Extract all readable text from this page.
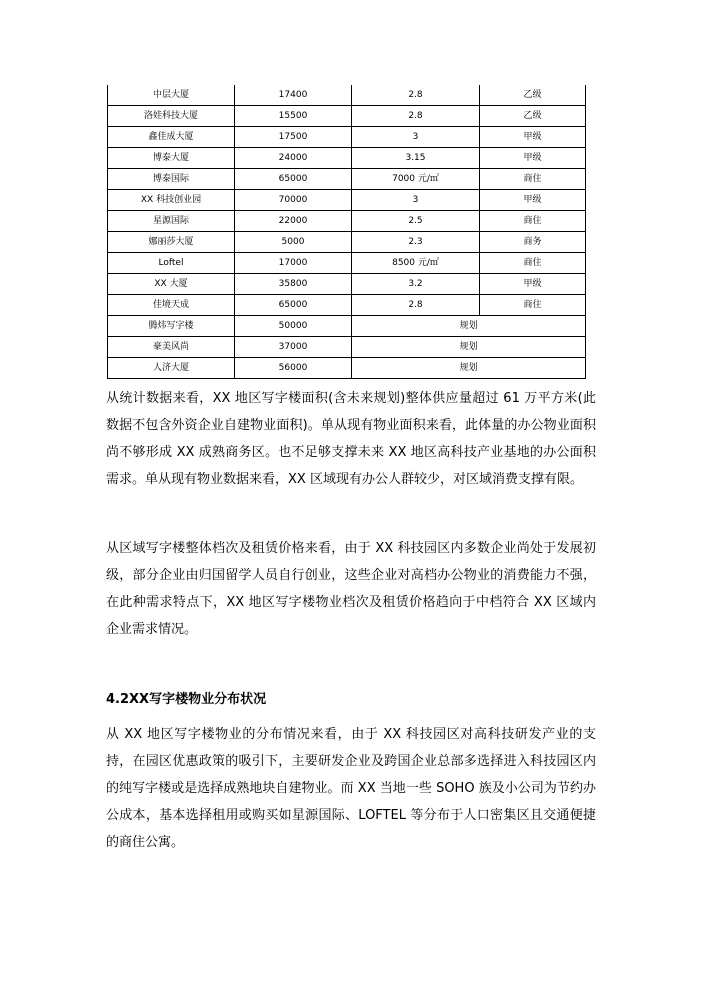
中层大厦	17400	2.8	乙级
洛娃科技大厦	15500	2.8	乙级
鑫佳成大厦	17500	3	甲级
博泰大厦	24000	3.15	甲级
博泰国际	65000	7000 元/㎡	商住
XX 科技创业园	70000	3	甲级
星源国际	22000	2.5	商住
娜丽莎大厦	5000	2.3	商务
Loftel	17000	8500 元/㎡	商住
XX 大厦	35800	3.2	甲级
佳境天成	65000	2.8	商住
腾炜写字楼	50000	规划	
豪美风尚	37000	规划	
人济大厦	56000	规划	

从统计数据来看，XX 地区写字楼面积(含未来规划)整体供应量超过 61 万平方米(此数据不包含外资企业自建物业面积)。单从现有物业面积来看，此体量的办公物业面积尚不够形成 XX 成熟商务区。也不足够支撑未来 XX 地区高科技产业基地的办公面积需求。单从现有物业数据来看，XX 区域现有办公人群较少，对区域消费支撑有限。

从区域写字楼整体档次及租赁价格来看，由于 XX 科技园区内多数企业尚处于发展初级，部分企业由归国留学人员自行创业，这些企业对高档办公物业的消费能力不强，在此种需求特点下，XX 地区写字楼物业档次及租赁价格趋向于中档符合 XX 区域内企业需求情况。

4.2XX写字楼物业分布状况

从 XX 地区写字楼物业的分布情况来看，由于 XX 科技园区对高科技研发产业的支持，在园区优惠政策的吸引下，主要研发企业及跨国企业总部多选择进入科技园区内的纯写字楼或是选择成熟地块自建物业。而 XX 当地一些 SOHO 族及小公司为节约办公成本，基本选择租用或购买如星源国际、LOFTEL 等分布于人口密集区且交通便捷的商住公寓。
